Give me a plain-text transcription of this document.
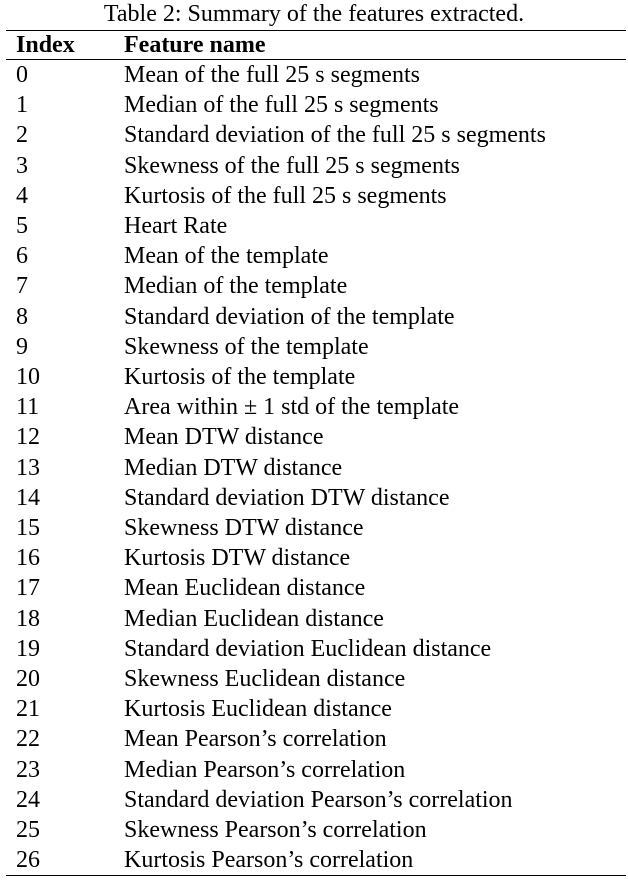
Table 2: Summary of the features extracted.
Index	Feature name
0	Mean of the full 25 s segments
1	Median of the full 25 s segments
2	Standard deviation of the full 25 s segments
3	Skewness of the full 25 s segments
4	Kurtosis of the full 25 s segments
5	Heart Rate
6	Mean of the template
7	Median of the template
8	Standard deviation of the template
9	Skewness of the template
10	Kurtosis of the template
11	Area within ± 1 std of the template
12	Mean DTW distance
13	Median DTW distance
14	Standard deviation DTW distance
15	Skewness DTW distance
16	Kurtosis DTW distance
17	Mean Euclidean distance
18	Median Euclidean distance
19	Standard deviation Euclidean distance
20	Skewness Euclidean distance
21	Kurtosis Euclidean distance
22	Mean Pearson’s correlation
23	Median Pearson’s correlation
24	Standard deviation Pearson’s correlation
25	Skewness Pearson’s correlation
26	Kurtosis Pearson’s correlation
